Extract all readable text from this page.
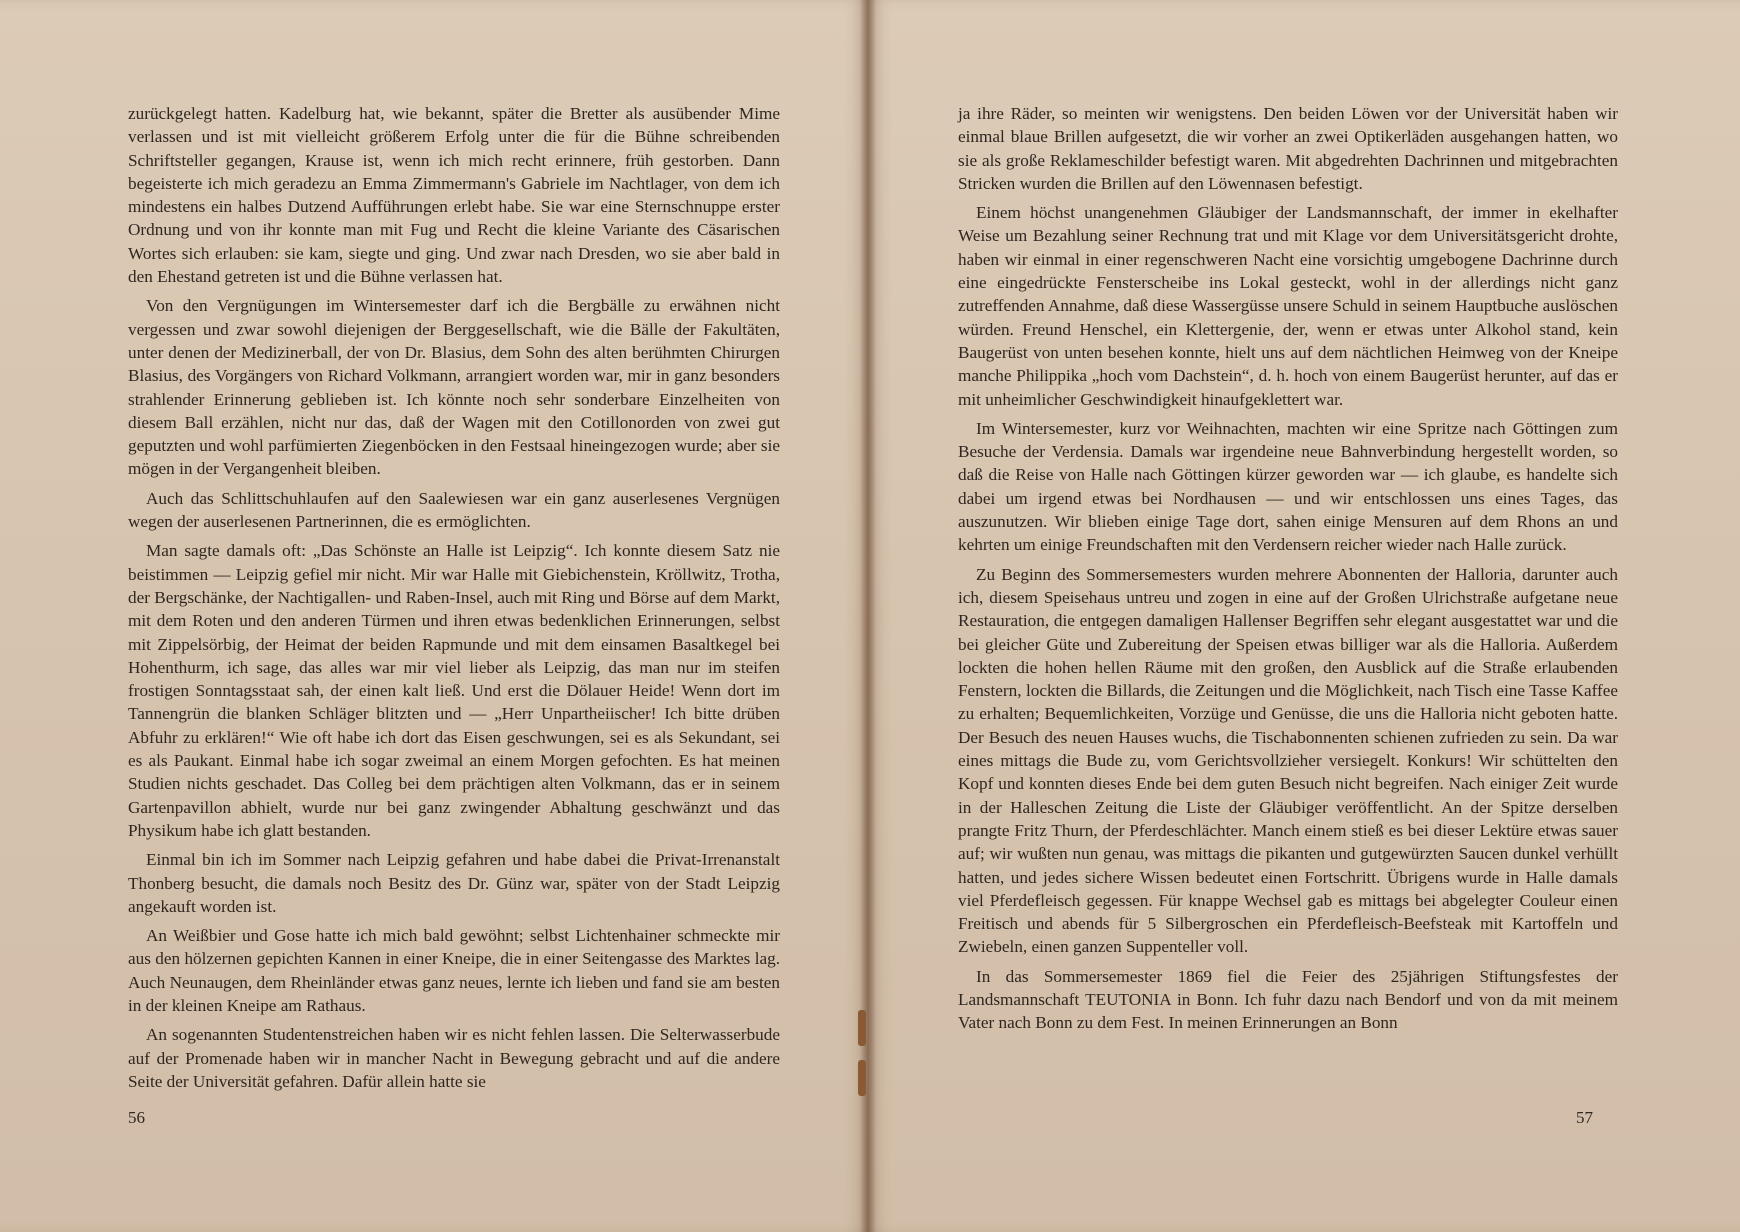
zurückgelegt hatten. Kadelburg hat, wie bekannt, später die Bretter als ausübender Mime verlassen und ist mit vielleicht größerem Erfolg unter die für die Bühne schreibenden Schriftsteller gegangen, Krause ist, wenn ich mich recht erinnere, früh gestorben. Dann begeisterte ich mich geradezu an Emma Zimmermann's Gabriele im Nachtlager, von dem ich mindestens ein halbes Dutzend Aufführungen erlebt habe. Sie war eine Sternschnuppe erster Ordnung und von ihr konnte man mit Fug und Recht die kleine Variante des Cäsarischen Wortes sich erlauben: sie kam, siegte und ging. Und zwar nach Dresden, wo sie aber bald in den Ehestand getreten ist und die Bühne verlassen hat.

Von den Vergnügungen im Wintersemester darf ich die Bergbälle zu erwähnen nicht vergessen und zwar sowohl diejenigen der Berggesellschaft, wie die Bälle der Fakultäten, unter denen der Medizinerball, der von Dr. Blasius, dem Sohn des alten berühmten Chirurgen Blasius, des Vorgängers von Richard Volkmann, arrangiert worden war, mir in ganz besonders strahlender Erinnerung geblieben ist. Ich könnte noch sehr sonderbare Einzelheiten von diesem Ball erzählen, nicht nur das, daß der Wagen mit den Cotillonorden von zwei gut geputzten und wohl parfümierten Ziegenböcken in den Festsaal hineingezogen wurde; aber sie mögen in der Vergangenheit bleiben.

Auch das Schlittschuhlaufen auf den Saalewiesen war ein ganz auserlesenes Vergnügen wegen der auserlesenen Partnerinnen, die es ermöglichten.

Man sagte damals oft: „Das Schönste an Halle ist Leipzig“. Ich konnte diesem Satz nie beistimmen — Leipzig gefiel mir nicht. Mir war Halle mit Giebichenstein, Kröllwitz, Trotha, der Bergschänke, der Nachtigallen- und Raben-Insel, auch mit Ring und Börse auf dem Markt, mit dem Roten und den anderen Türmen und ihren etwas bedenklichen Erinnerungen, selbst mit Zippelsörbig, der Heimat der beiden Rapmunde und mit dem einsamen Basaltkegel bei Hohenthurm, ich sage, das alles war mir viel lieber als Leipzig, das man nur im steifen frostigen Sonntagsstaat sah, der einen kalt ließ. Und erst die Dölauer Heide! Wenn dort im Tannengrün die blanken Schläger blitzten und — „Herr Unpartheiischer! Ich bitte drüben Abfuhr zu erklären!“ Wie oft habe ich dort das Eisen geschwungen, sei es als Sekundant, sei es als Paukant. Einmal habe ich sogar zweimal an einem Morgen gefochten. Es hat meinen Studien nichts geschadet. Das Colleg bei dem prächtigen alten Volkmann, das er in seinem Gartenpavillon abhielt, wurde nur bei ganz zwingender Abhaltung geschwänzt und das Physikum habe ich glatt bestanden.

Einmal bin ich im Sommer nach Leipzig gefahren und habe dabei die Privat-Irrenanstalt Thonberg besucht, die damals noch Besitz des Dr. Günz war, später von der Stadt Leipzig angekauft worden ist.

An Weißbier und Gose hatte ich mich bald gewöhnt; selbst Lichtenhainer schmeckte mir aus den hölzernen gepichten Kannen in einer Kneipe, die in einer Seitengasse des Marktes lag. Auch Neunaugen, dem Rheinländer etwas ganz neues, lernte ich lieben und fand sie am besten in der kleinen Kneipe am Rathaus.

An sogenannten Studentenstreichen haben wir es nicht fehlen lassen. Die Selterwasserbude auf der Promenade haben wir in mancher Nacht in Bewegung gebracht und auf die andere Seite der Universität gefahren. Dafür allein hatte sie

56

ja ihre Räder, so meinten wir wenigstens. Den beiden Löwen vor der Universität haben wir einmal blaue Brillen aufgesetzt, die wir vorher an zwei Optikerläden ausgehangen hatten, wo sie als große Reklameschilder befestigt waren. Mit abgedrehten Dachrinnen und mitgebrachten Stricken wurden die Brillen auf den Löwennasen befestigt.

Einem höchst unangenehmen Gläubiger der Landsmannschaft, der immer in ekelhafter Weise um Bezahlung seiner Rechnung trat und mit Klage vor dem Universitätsgericht drohte, haben wir einmal in einer regenschweren Nacht eine vorsichtig umgebogene Dachrinne durch eine eingedrückte Fensterscheibe ins Lokal gesteckt, wohl in der allerdings nicht ganz zutreffenden Annahme, daß diese Wassergüsse unsere Schuld in seinem Hauptbuche auslöschen würden. Freund Henschel, ein Klettergenie, der, wenn er etwas unter Alkohol stand, kein Baugerüst von unten besehen konnte, hielt uns auf dem nächtlichen Heimweg von der Kneipe manche Philippika „hoch vom Dachstein“, d. h. hoch von einem Baugerüst herunter, auf das er mit unheimlicher Geschwindigkeit hinaufgeklettert war.

Im Wintersemester, kurz vor Weihnachten, machten wir eine Spritze nach Göttingen zum Besuche der Verdensia. Damals war irgendeine neue Bahnverbindung hergestellt worden, so daß die Reise von Halle nach Göttingen kürzer geworden war — ich glaube, es handelte sich dabei um irgend etwas bei Nordhausen — und wir entschlossen uns eines Tages, das auszunutzen. Wir blieben einige Tage dort, sahen einige Mensuren auf dem Rhons an und kehrten um einige Freundschaften mit den Verdensern reicher wieder nach Halle zurück.

Zu Beginn des Sommersemesters wurden mehrere Abonnenten der Halloria, darunter auch ich, diesem Speisehaus untreu und zogen in eine auf der Großen Ulrichstraße aufgetane neue Restauration, die entgegen damaligen Hallenser Begriffen sehr elegant ausgestattet war und die bei gleicher Güte und Zubereitung der Speisen etwas billiger war als die Halloria. Außerdem lockten die hohen hellen Räume mit den großen, den Ausblick auf die Straße erlaubenden Fenstern, lockten die Billards, die Zeitungen und die Möglichkeit, nach Tisch eine Tasse Kaffee zu erhalten; Bequemlichkeiten, Vorzüge und Genüsse, die uns die Halloria nicht geboten hatte. Der Besuch des neuen Hauses wuchs, die Tischabonnenten schienen zufrieden zu sein. Da war eines mittags die Bude zu, vom Gerichtsvollzieher versiegelt. Konkurs! Wir schüttelten den Kopf und konnten dieses Ende bei dem guten Besuch nicht begreifen. Nach einiger Zeit wurde in der Halleschen Zeitung die Liste der Gläubiger veröffentlicht. An der Spitze derselben prangte Fritz Thurn, der Pferdeschlächter. Manch einem stieß es bei dieser Lektüre etwas sauer auf; wir wußten nun genau, was mittags die pikanten und gutgewürzten Saucen dunkel verhüllt hatten, und jedes sichere Wissen bedeutet einen Fortschritt. Übrigens wurde in Halle damals viel Pferdefleisch gegessen. Für knappe Wechsel gab es mittags bei abgelegter Couleur einen Freitisch und abends für 5 Silbergroschen ein Pferdefleisch-Beefsteak mit Kartoffeln und Zwiebeln, einen ganzen Suppenteller voll.

In das Sommersemester 1869 fiel die Feier des 25jährigen Stiftungsfestes der Landsmannschaft TEUTONIA in Bonn. Ich fuhr dazu nach Bendorf und von da mit meinem Vater nach Bonn zu dem Fest. In meinen Erinnerungen an Bonn

57
